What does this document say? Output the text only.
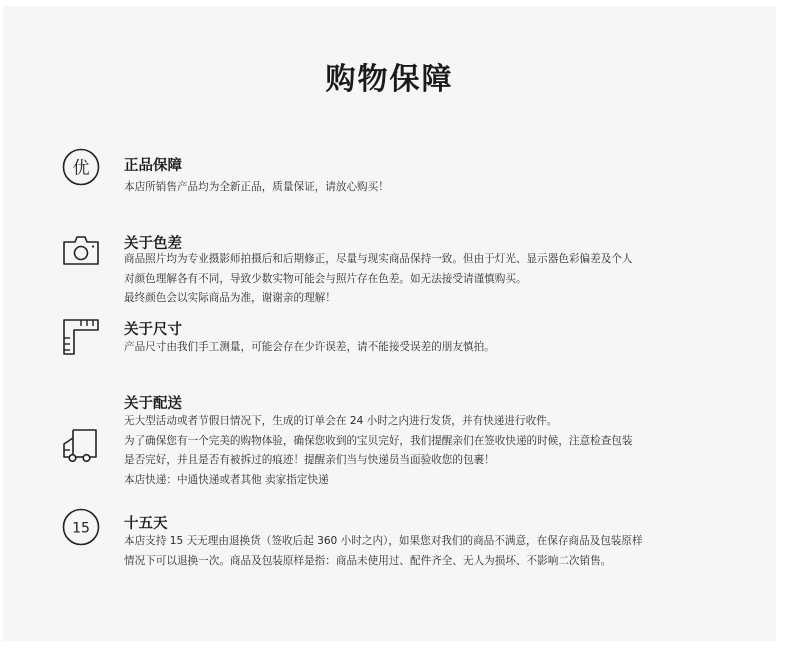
购物保障
优 正品保障

本店所销售产品均为全新正品，质量保证，请放心购买！

关于色差

商品照片均为专业摄影师拍摄后和后期修正，尽量与现实商品保持一致。但由于灯光、显示器色彩偏差及个人

对颜色理解各有不同，导致少数实物可能会与照片存在色差。如无法接受请谨慎购买。

最终颜色会以实际商品为准，谢谢亲的理解！

关于尺寸

产品尺寸由我们手工测量，可能会存在少许误差，请不能接受误差的朋友慎拍。

关于配送

无大型活动或者节假日情况下，生成的订单会在 24 小时之内进行发货，并有快递进行收件。

为了确保您有一个完美的购物体验，确保您收到的宝贝完好，我们提醒亲们在签收快递的时候，注意检查包装

是否完好，并且是否有被拆过的痕迹！提醒亲们当与快递员当面验收您的包裹！

本店快递：中通快递或者其他 卖家指定快递

15 十五天

本店支持 15 天无理由退换货（签收后起 360 小时之内），如果您对我们的商品不满意，在保存商品及包装原样

情况下可以退换一次。商品及包装原样是指：商品未使用过、配件齐全、无人为损坏、不影响二次销售。
